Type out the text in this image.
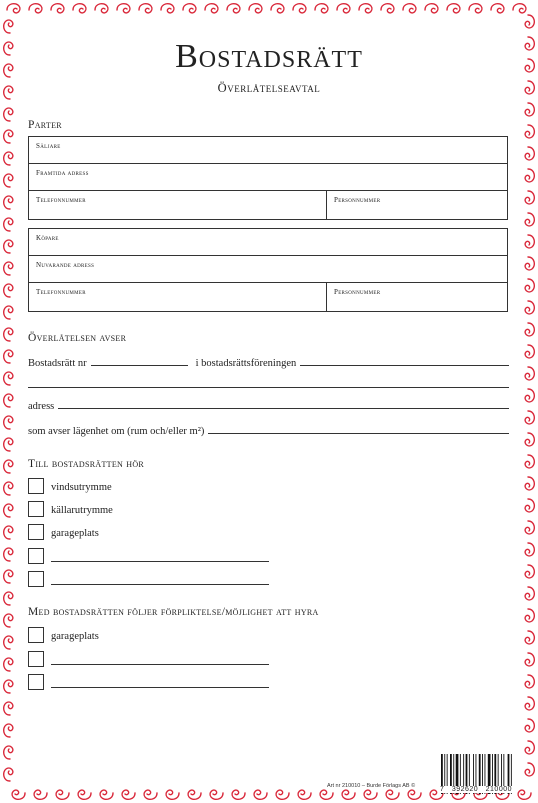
Bostadsrätt
Överlåtelseavtal
Parter
Säljare
Framtida adress
Telefonnummer	Personnummer
Köpare
Nuvarande adress
Telefonnummer	Personnummer
Överlåtelsen avser
Bostadsrätt nr	i bostadsrättsföreningen
adress
som avser lägenhet om (rum och/eller m²)
Till bostadsrätten hör
vindsutrymme
källarutrymme
garageplats
Med bostadsrätten följer förpliktelse/möjlighet att hyra
garageplats
Art nr 210010 – Burde Förlags AB ©	7 392620 210000
